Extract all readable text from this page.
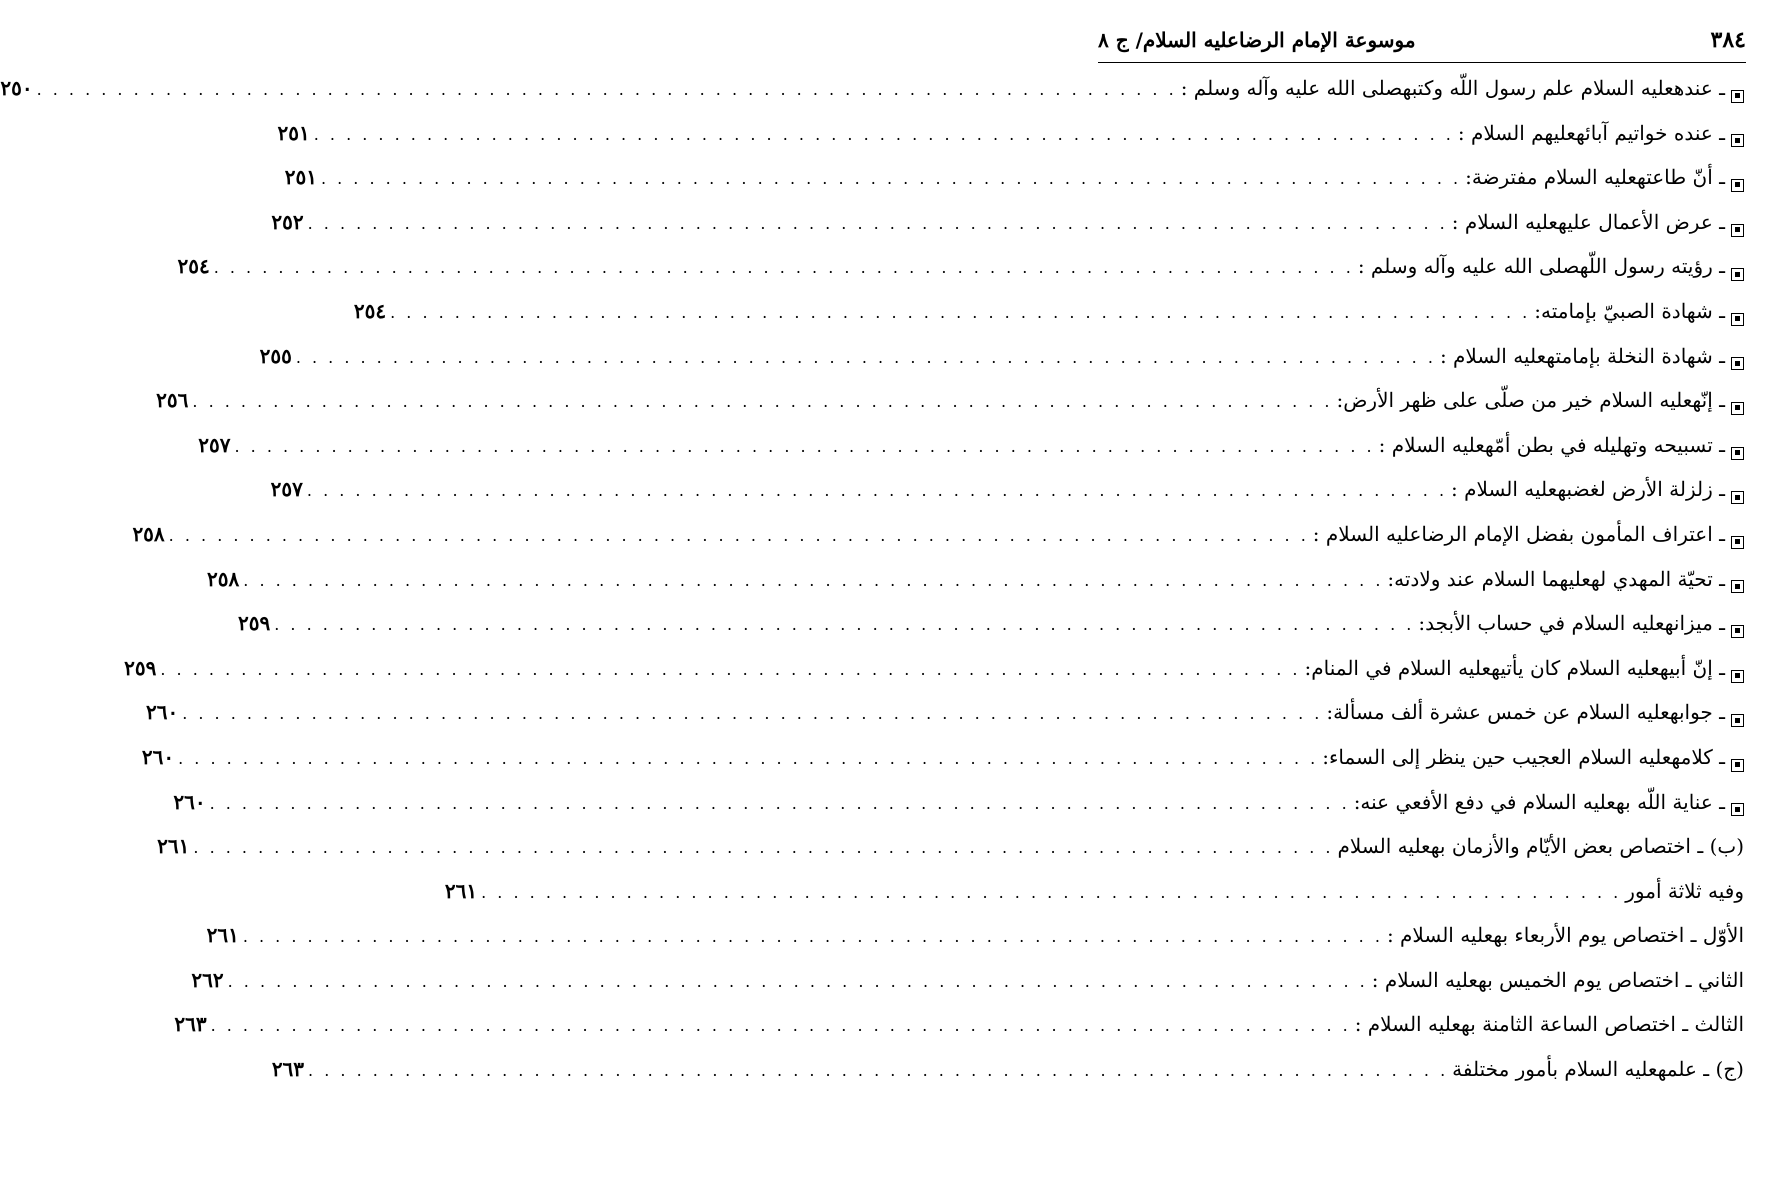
٣٨٤
موسوعة الإمام الرضاعليه السلام/ ج ٨
ـ عندهعليه السلام علم رسول اللّه وكتبهصلى الله عليه وآله وسلم :
. . . . . . . . . . . . . . . . . . . . . . . . . . . . . . . . . . . . . . . . . . . . . . . . . . . . . . . . . . . . . . . . . . . . . . .
٢٥٠
ـ عنده خواتيم آبائهعليهم السلام :
. . . . . . . . . . . . . . . . . . . . . . . . . . . . . . . . . . . . . . . . . . . . . . . . . . . . . . . . . . . . . . . . . . . . . . .
٢٥١
ـ أنّ طاعتهعليه السلام مفترضة:
. . . . . . . . . . . . . . . . . . . . . . . . . . . . . . . . . . . . . . . . . . . . . . . . . . . . . . . . . . . . . . . . . . . . . . .
٢٥١
ـ عرض الأعمال عليهعليه السلام :
. . . . . . . . . . . . . . . . . . . . . . . . . . . . . . . . . . . . . . . . . . . . . . . . . . . . . . . . . . . . . . . . . . . . . . .
٢٥٢
ـ رؤيته رسول اللّهصلى الله عليه وآله وسلم :
. . . . . . . . . . . . . . . . . . . . . . . . . . . . . . . . . . . . . . . . . . . . . . . . . . . . . . . . . . . . . . . . . . . . . . .
٢٥٤
ـ شهادة الصبيّ بإمامته:
. . . . . . . . . . . . . . . . . . . . . . . . . . . . . . . . . . . . . . . . . . . . . . . . . . . . . . . . . . . . . . . . . . . . . . .
٢٥٤
ـ شهادة النخلة بإمامتهعليه السلام :
. . . . . . . . . . . . . . . . . . . . . . . . . . . . . . . . . . . . . . . . . . . . . . . . . . . . . . . . . . . . . . . . . . . . . . .
٢٥٥
ـ إنّهعليه السلام خير من صلّى على ظهر الأرض:
. . . . . . . . . . . . . . . . . . . . . . . . . . . . . . . . . . . . . . . . . . . . . . . . . . . . . . . . . . . . . . . . . . . . . . .
٢٥٦
ـ تسبيحه وتهليله في بطن أمّهعليه السلام :
. . . . . . . . . . . . . . . . . . . . . . . . . . . . . . . . . . . . . . . . . . . . . . . . . . . . . . . . . . . . . . . . . . . . . . .
٢٥٧
ـ زلزلة الأرض لغضبهعليه السلام :
. . . . . . . . . . . . . . . . . . . . . . . . . . . . . . . . . . . . . . . . . . . . . . . . . . . . . . . . . . . . . . . . . . . . . . .
٢٥٧
ـ اعتراف المأمون بفضل الإمام الرضاعليه السلام :
. . . . . . . . . . . . . . . . . . . . . . . . . . . . . . . . . . . . . . . . . . . . . . . . . . . . . . . . . . . . . . . . . . . . . . .
٢٥٨
ـ تحيّة المهدي لهعليهما السلام عند ولادته:
. . . . . . . . . . . . . . . . . . . . . . . . . . . . . . . . . . . . . . . . . . . . . . . . . . . . . . . . . . . . . . . . . . . . . . .
٢٥٨
ـ ميزانهعليه السلام في حساب الأبجد:
. . . . . . . . . . . . . . . . . . . . . . . . . . . . . . . . . . . . . . . . . . . . . . . . . . . . . . . . . . . . . . . . . . . . . . .
٢٥٩
ـ إنّ أبيهعليه السلام كان يأتيهعليه السلام في المنام:
. . . . . . . . . . . . . . . . . . . . . . . . . . . . . . . . . . . . . . . . . . . . . . . . . . . . . . . . . . . . . . . . . . . . . . .
٢٥٩
ـ جوابهعليه السلام عن خمس عشرة ألف مسألة:
. . . . . . . . . . . . . . . . . . . . . . . . . . . . . . . . . . . . . . . . . . . . . . . . . . . . . . . . . . . . . . . . . . . . . . .
٢٦٠
ـ كلامهعليه السلام العجيب حين ينظر إلى السماء:
. . . . . . . . . . . . . . . . . . . . . . . . . . . . . . . . . . . . . . . . . . . . . . . . . . . . . . . . . . . . . . . . . . . . . . .
٢٦٠
ـ عناية اللّه بهعليه السلام في دفع الأفعي عنه:
. . . . . . . . . . . . . . . . . . . . . . . . . . . . . . . . . . . . . . . . . . . . . . . . . . . . . . . . . . . . . . . . . . . . . . .
٢٦٠
(ب) ـ اختصاص بعض الأيّام والأزمان بهعليه السلام
. . . . . . . . . . . . . . . . . . . . . . . . . . . . . . . . . . . . . . . . . . . . . . . . . . . . . . . . . . . . . . . . . . . . . . .
٢٦١
وفيه ثلاثة أمور
. . . . . . . . . . . . . . . . . . . . . . . . . . . . . . . . . . . . . . . . . . . . . . . . . . . . . . . . . . . . . . . . . . . . . . .
٢٦١
الأوّل ـ اختصاص يوم الأربعاء بهعليه السلام :
. . . . . . . . . . . . . . . . . . . . . . . . . . . . . . . . . . . . . . . . . . . . . . . . . . . . . . . . . . . . . . . . . . . . . . .
٢٦١
الثاني ـ اختصاص يوم الخميس بهعليه السلام :
. . . . . . . . . . . . . . . . . . . . . . . . . . . . . . . . . . . . . . . . . . . . . . . . . . . . . . . . . . . . . . . . . . . . . . .
٢٦٢
الثالث ـ اختصاص الساعة الثامنة بهعليه السلام :
. . . . . . . . . . . . . . . . . . . . . . . . . . . . . . . . . . . . . . . . . . . . . . . . . . . . . . . . . . . . . . . . . . . . . . .
٢٦٣
(ج) ـ علمهعليه السلام بأمور مختلفة
. . . . . . . . . . . . . . . . . . . . . . . . . . . . . . . . . . . . . . . . . . . . . . . . . . . . . . . . . . . . . . . . . . . . . . .
٢٦٣
